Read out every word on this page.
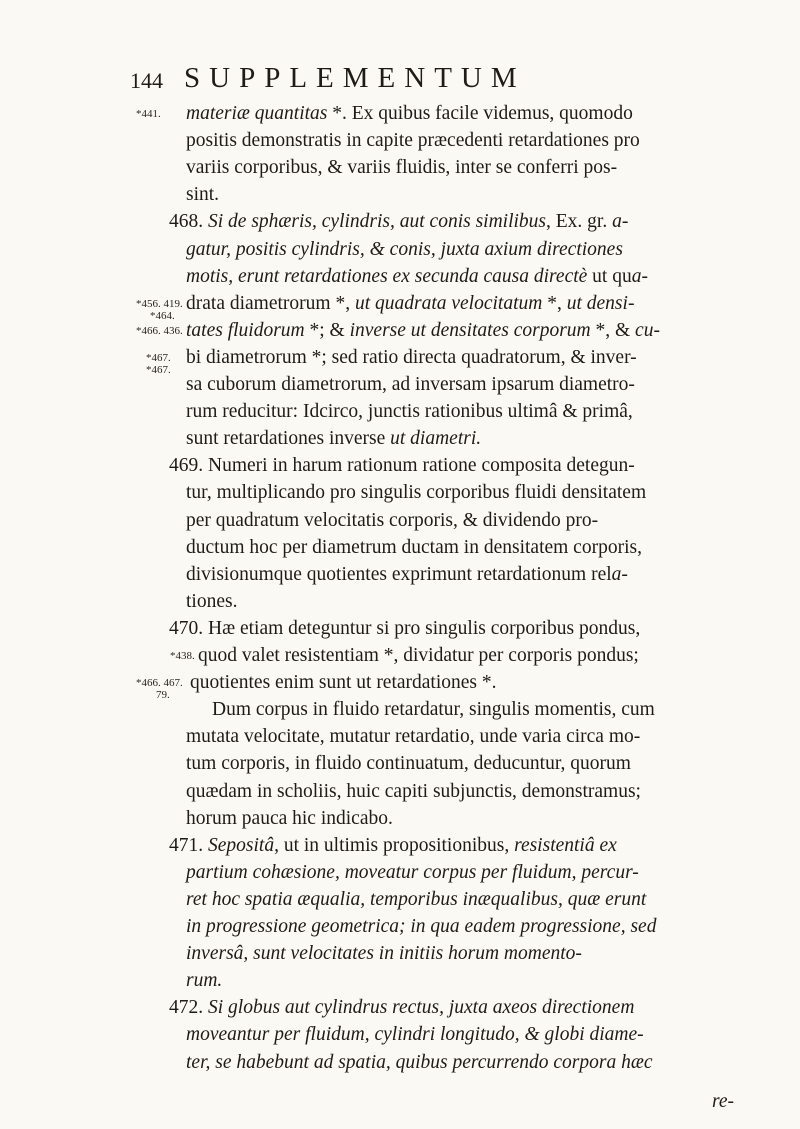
144 SUPPLEMENTUM
materiæ quantitas *. Ex quibus facile videmus, quomodo
positis demonstratis in capite præcedenti retardationes pro
variis corporibus, & variis fluidis, inter se conferri pos-
sint.
468. Si de sphæris, cylindris, aut conis similibus, Ex. gr. a-
gatur, positis cylindris, & conis, juxta axium directiones
motis, erunt retardationes ex secunda causa directè ut qua-
drata diametrorum *, ut quadrata velocitatum *, ut densi-
tates fluidorum *; & inverse ut densitates corporum *, & cu-
bi diametrorum *; sed ratio directa quadratorum, & inver-
sa cuborum diametrorum, ad inversam ipsarum diametro-
rum reducitur: Idcirco, junctis rationibus ultimâ & primâ,
sunt retardationes inverse ut diametri.
469. Numeri in harum rationum ratione composita detegun-
tur, multiplicando pro singulis corporibus fluidi densitatem
per quadratum velocitatis corporis, & dividendo pro-
ductum hoc per diametrum ductam in densitatem corporis,
divisionumque quotientes exprimunt retardationum rela-
tiones.
470. Hæ etiam deteguntur si pro singulis corporibus pondus,
quod valet resistentiam *, dividatur per corporis pondus;
quotientes enim sunt ut retardationes *.
Dum corpus in fluido retardatur, singulis momentis, cum
mutata velocitate, mutatur retardatio, unde varia circa mo-
tum corporis, in fluido continuatum, deducuntur, quorum
quædam in scholiis, huic capiti subjunctis, demonstramus;
horum pauca hic indicabo.
471. Sepositâ, ut in ultimis propositionibus, resistentiâ ex
partium cohæsione, moveatur corpus per fluidum, percur-
ret hoc spatia æqualia, temporibus inæqualibus, quæ erunt
in progressione geometrica; in qua eadem progressione, sed
inversâ, sunt velocitates in initiis horum momento-
rum.
472. Si globus aut cylindrus rectus, juxta axeos directionem
moveantur per fluidum, cylindri longitudo, & globi diame-
ter, se habebunt ad spatia, quibus percurrendo corpora hæc
*441.
*456. 419.
*464.
*466. 436.
*467.
*467.
*438.
*466. 467.
79.
re-
